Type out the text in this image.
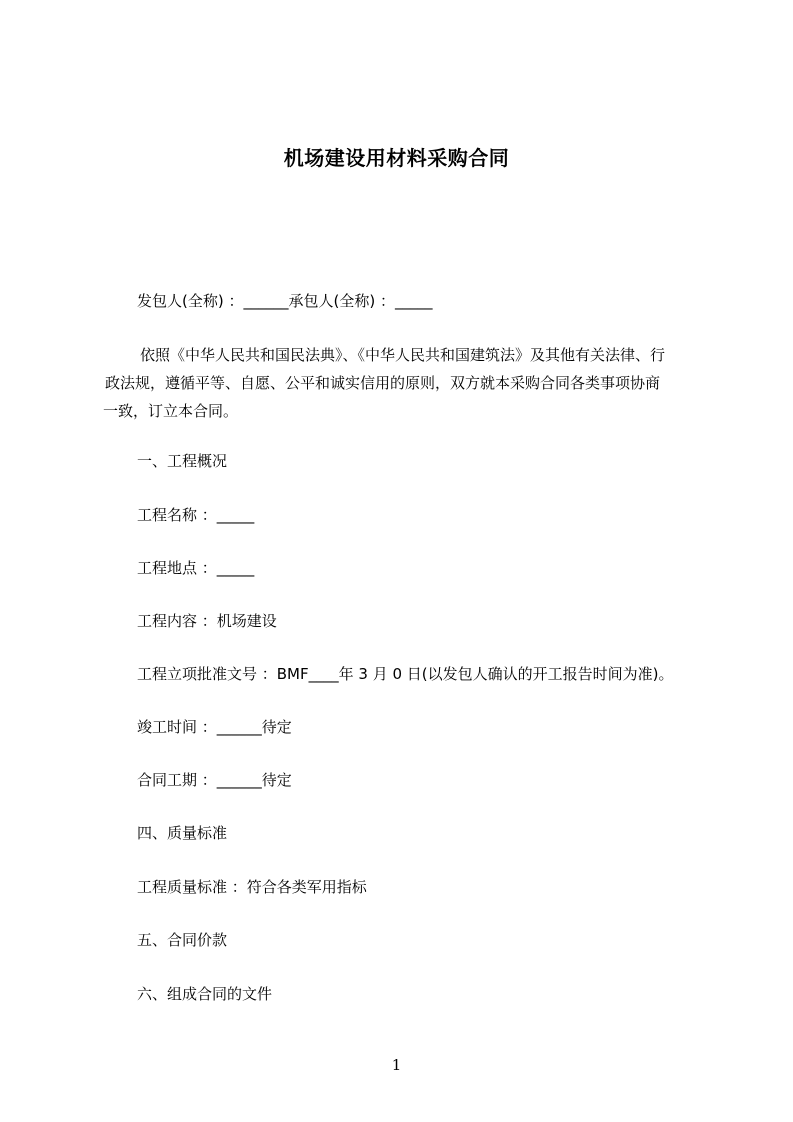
机场建设用材料采购合同
发包人(全称) ：______承包人(全称) ：_____
依照《中华人民共和国民法典》、《中华人民共和国建筑法》及其他有关法律、行
政法规，遵循平等、自愿、公平和诚实信用的原则，双方就本采购合同各类事项协商
一致，订立本合同。
一、工程概况
工程名称 ：_____
工程地点 ：_____
工程内容 ：机场建设
工程立项批准文号 ：BMF____年 3 月 0 日(以发包人确认的开工报告时间为准)。
竣工时间 ：______待定
合同工期 ：______待定
四、质量标准
工程质量标准 ：符合各类军用指标
五、合同价款
六、组成合同的文件
1
